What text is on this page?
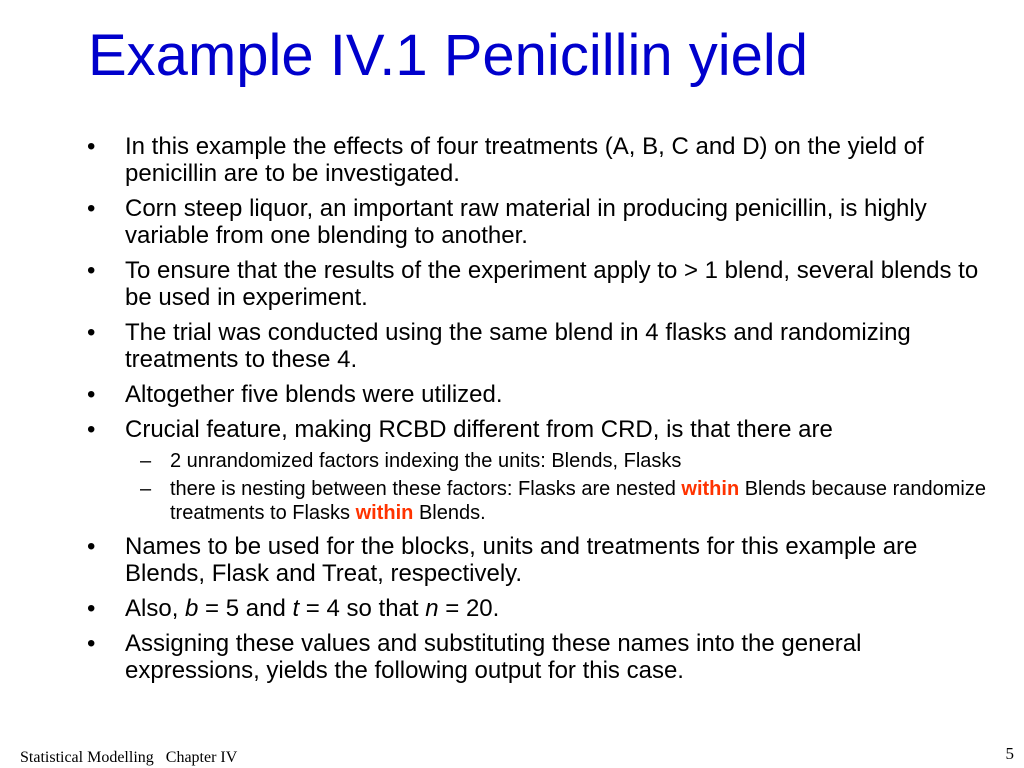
Example IV.1 Penicillin yield
•	In this example the effects of four treatments (A, B, C and D) on the yield of penicillin are to be investigated.
•	Corn steep liquor, an important raw material in producing penicillin, is highly variable from one blending to another.
•	To ensure that the results of the experiment apply to > 1 blend, several blends to be used in experiment.
•	The trial was conducted using the same blend in 4 flasks and randomizing treatments to these 4.
•	Altogether five blends were utilized.
•	Crucial feature, making RCBD different from CRD, is that there are
– 2 unrandomized factors indexing the units: Blends, Flasks
– there is nesting between these factors: Flasks are nested within Blends because randomize treatments to Flasks within Blends.
•	Names to be used for the blocks, units and treatments for this example are Blends, Flask and Treat, respectively.
•	Also, b = 5 and t = 4 so that n = 20.
•	Assigning these values and substituting these names into the general expressions, yields the following output for this case.
Statistical Modelling   Chapter IV	5
